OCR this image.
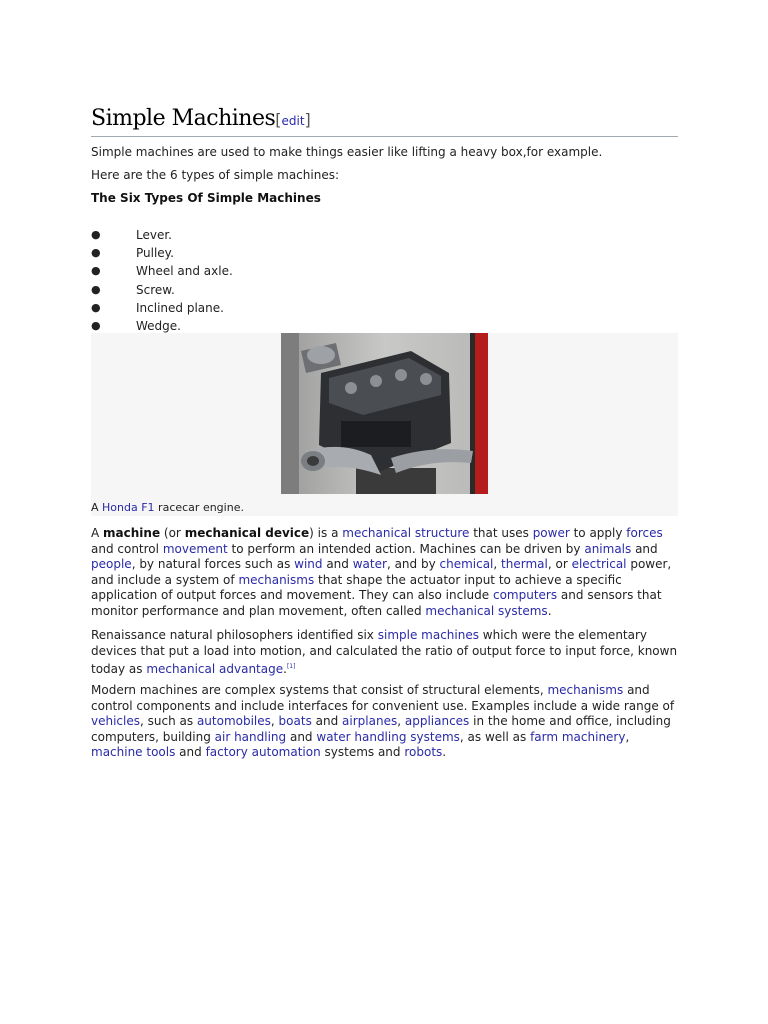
Simple Machines[edit]
Simple machines are used to make things easier like lifting a heavy box,for example.
Here are the 6 types of simple machines:
The Six Types Of Simple Machines
●	Lever.
●	Pulley.
●	Wheel and axle.
●	Screw.
●	Inclined plane.
●	Wedge.
A Honda F1 racecar engine.

A machine (or mechanical device) is a mechanical structure that uses power to apply forces and control movement to perform an intended action. Machines can be driven by animals and people, by natural forces such as wind and water, and by chemical, thermal, or electrical power, and include a system of mechanisms that shape the actuator input to achieve a specific application of output forces and movement. They can also include computers and sensors that monitor performance and plan movement, often called mechanical systems.

Renaissance natural philosophers identified six simple machines which were the elementary devices that put a load into motion, and calculated the ratio of output force to input force, known today as mechanical advantage.[1]

Modern machines are complex systems that consist of structural elements, mechanisms and control components and include interfaces for convenient use. Examples include a wide range of vehicles, such as automobiles, boats and airplanes, appliances in the home and office, including computers, building air handling and water handling systems, as well as farm machinery, machine tools and factory automation systems and robots.
